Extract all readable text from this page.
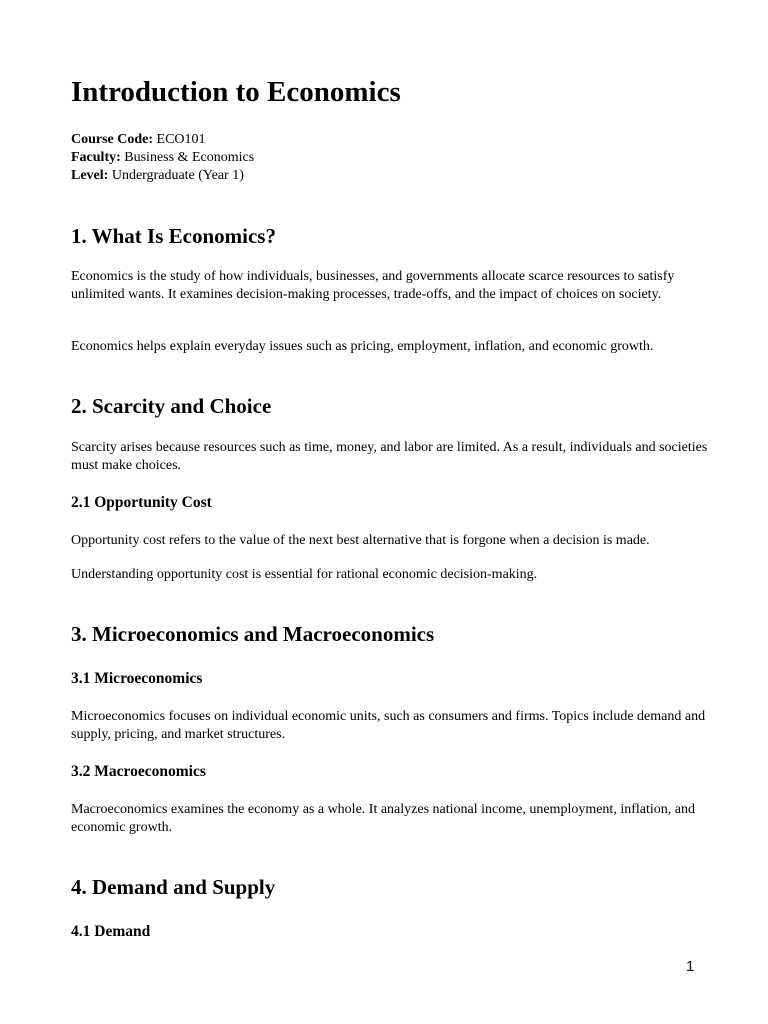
Introduction to Economics
Course Code: ECO101
Faculty: Business & Economics
Level: Undergraduate (Year 1)
1. What Is Economics?

Economics is the study of how individuals, businesses, and governments allocate scarce resources to satisfy unlimited wants. It examines decision-making processes, trade-offs, and the impact of choices on society.

Economics helps explain everyday issues such as pricing, employment, inflation, and economic growth.

2. Scarcity and Choice

Scarcity arises because resources such as time, money, and labor are limited. As a result, individuals and societies must make choices.

2.1 Opportunity Cost

Opportunity cost refers to the value of the next best alternative that is forgone when a decision is made.

Understanding opportunity cost is essential for rational economic decision-making.

3. Microeconomics and Macroeconomics
3.1 Microeconomics

Microeconomics focuses on individual economic units, such as consumers and firms. Topics include demand and supply, pricing, and market structures.

3.2 Macroeconomics

Macroeconomics examines the economy as a whole. It analyzes national income, unemployment, inflation, and economic growth.

4. Demand and Supply
4.1 Demand
1
